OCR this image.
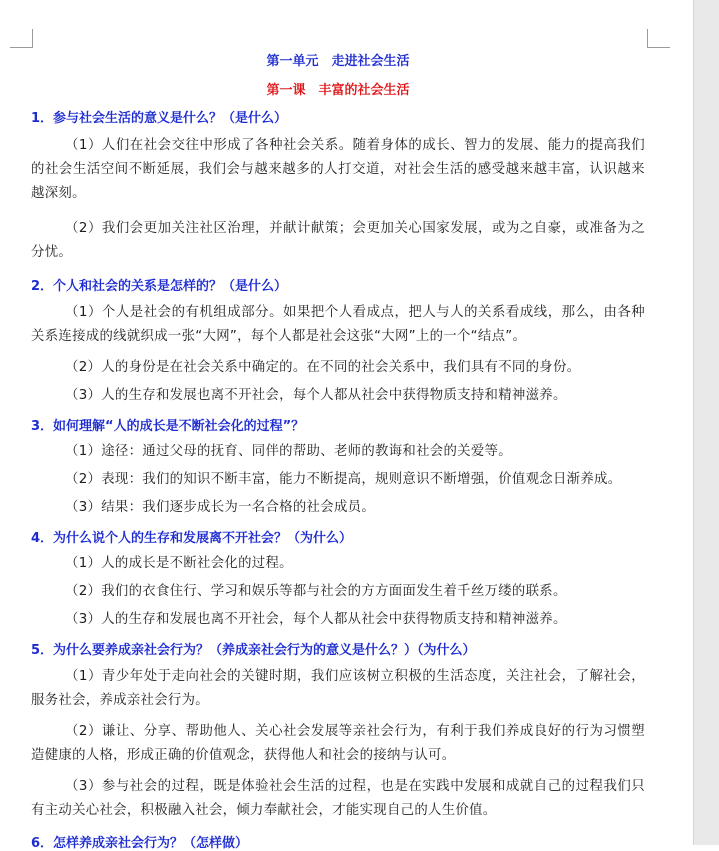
第一单元　走进社会生活
第一课　丰富的社会生活
1．参与社会生活的意义是什么？（是什么）
（1）人们在社会交往中形成了各种社会关系。随着身体的成长、智力的发展、能力的提高我们的社会生活空间不断延展，我们会与越来越多的人打交道，对社会生活的感受越来越丰富，认识越来越深刻。
（2）我们会更加关注社区治理，并献计献策；会更加关心国家发展，或为之自豪，或准备为之分忧。
2．个人和社会的关系是怎样的？（是什么）
（1）个人是社会的有机组成部分。如果把个人看成点，把人与人的关系看成线，那么，由各种关系连接成的线就织成一张“大网”，每个人都是社会这张“大网”上的一个“结点”。
（2）人的身份是在社会关系中确定的。在不同的社会关系中，我们具有不同的身份。
（3）人的生存和发展也离不开社会，每个人都从社会中获得物质支持和精神滋养。
3．如何理解“人的成长是不断社会化的过程”？
（1）途径：通过父母的抚育、同伴的帮助、老师的教诲和社会的关爱等。
（2）表现：我们的知识不断丰富，能力不断提高，规则意识不断增强，价值观念日渐养成。
（3）结果：我们逐步成长为一名合格的社会成员。
4．为什么说个人的生存和发展离不开社会？（为什么）
（1）人的成长是不断社会化的过程。
（2）我们的衣食住行、学习和娱乐等都与社会的方方面面发生着千丝万缕的联系。
（3）人的生存和发展也离不开社会，每个人都从社会中获得物质支持和精神滋养。
5．为什么要养成亲社会行为？（养成亲社会行为的意义是什么？）（为什么）
（1）青少年处于走向社会的关键时期，我们应该树立积极的生活态度，关注社会，了解社会，服务社会，养成亲社会行为。
（2）谦让、分享、帮助他人、关心社会发展等亲社会行为，有利于我们养成良好的行为习惯塑造健康的人格，形成正确的价值观念，获得他人和社会的接纳与认可。
（3）参与社会的过程，既是体验社会生活的过程，也是在实践中发展和成就自己的过程我们只有主动关心社会，积极融入社会，倾力奉献社会，才能实现自己的人生价值。
6．怎样养成亲社会行为？（怎样做）
